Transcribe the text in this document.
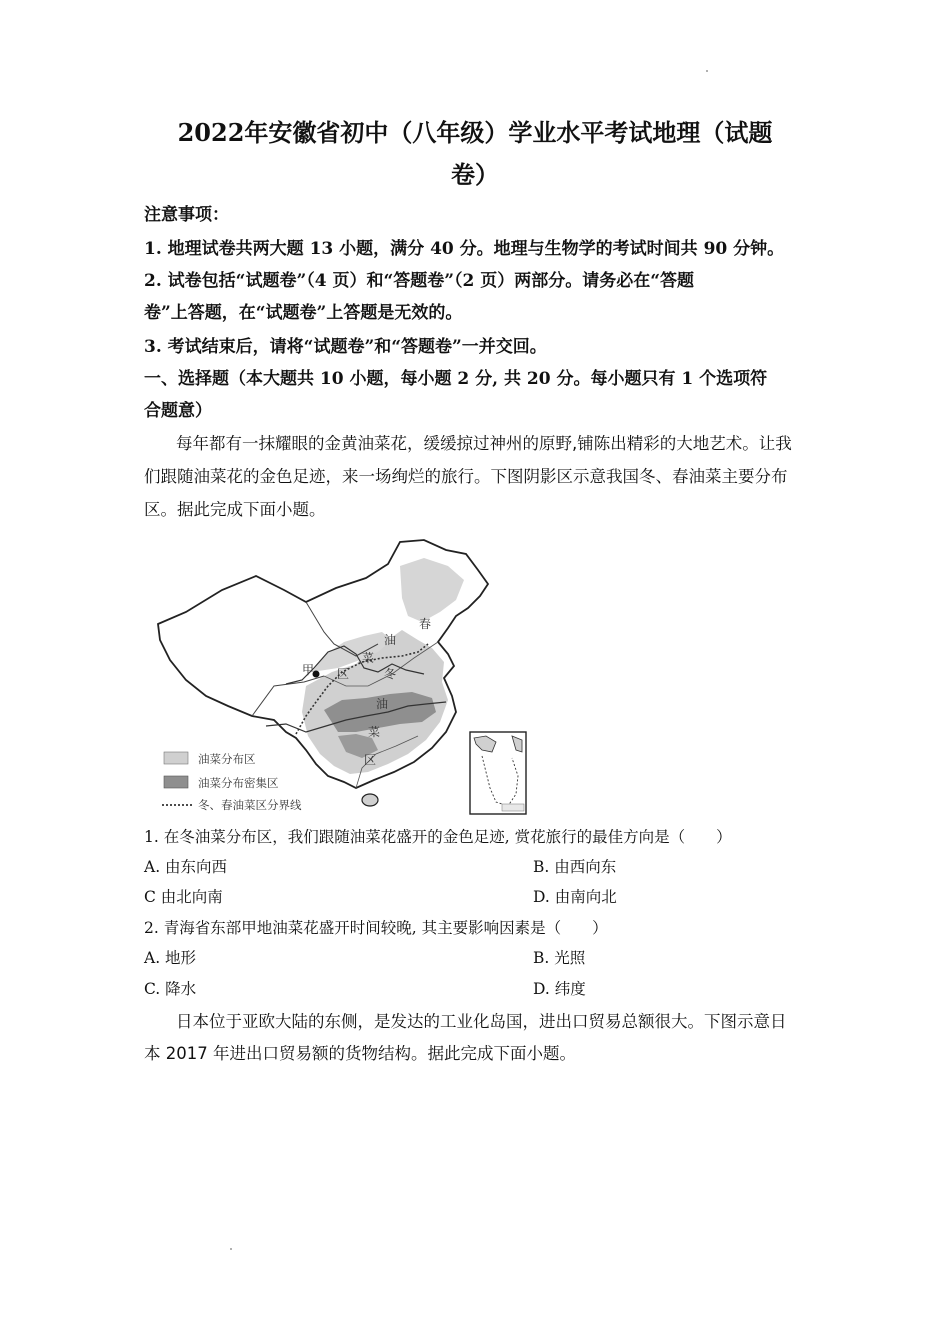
2022年安徽省初中（八年级）学业水平考试地理（试题
卷）
注意事项：
1. 地理试卷共两大题 13 小题，满分 40 分。地理与生物学的考试时间共 90 分钟。
2. 试卷包括“试题卷”（4 页）和“答题卷”（2 页）两部分。请务必在“答题
卷”上答题，在“试题卷”上答题是无效的。
3. 考试结束后，请将“试题卷”和“答题卷”一并交回。
一、选择题（本大题共 10 小题，每小题 2 分, 共 20 分。每小题只有 1 个选项符
合题意）
每年都有一抹耀眼的金黄油菜花，缓缓掠过神州的原野,铺陈出精彩的大地艺术。让我
们跟随油菜花的金色足迹，来一场绚烂的旅行。下图阴影区示意我国冬、春油菜主要分布
区。据此完成下面小题。
春
油
菜
区	冬
甲
油
菜
区
油菜分布区
油菜分布密集区
冬、春油菜区分界线
1. 在冬油菜分布区，我们跟随油菜花盛开的金色足迹, 赏花旅行的最佳方向是（　　）
A. 由东向西	B. 由西向东
C 由北向南	D. 由南向北
2. 青海省东部甲地油菜花盛开时间较晚, 其主要影响因素是（　　）
A. 地形	B. 光照
C. 降水	D. 纬度
日本位于亚欧大陆的东侧，是发达的工业化岛国，进出口贸易总额很大。下图示意日
本 2017 年进出口贸易额的货物结构。据此完成下面小题。
